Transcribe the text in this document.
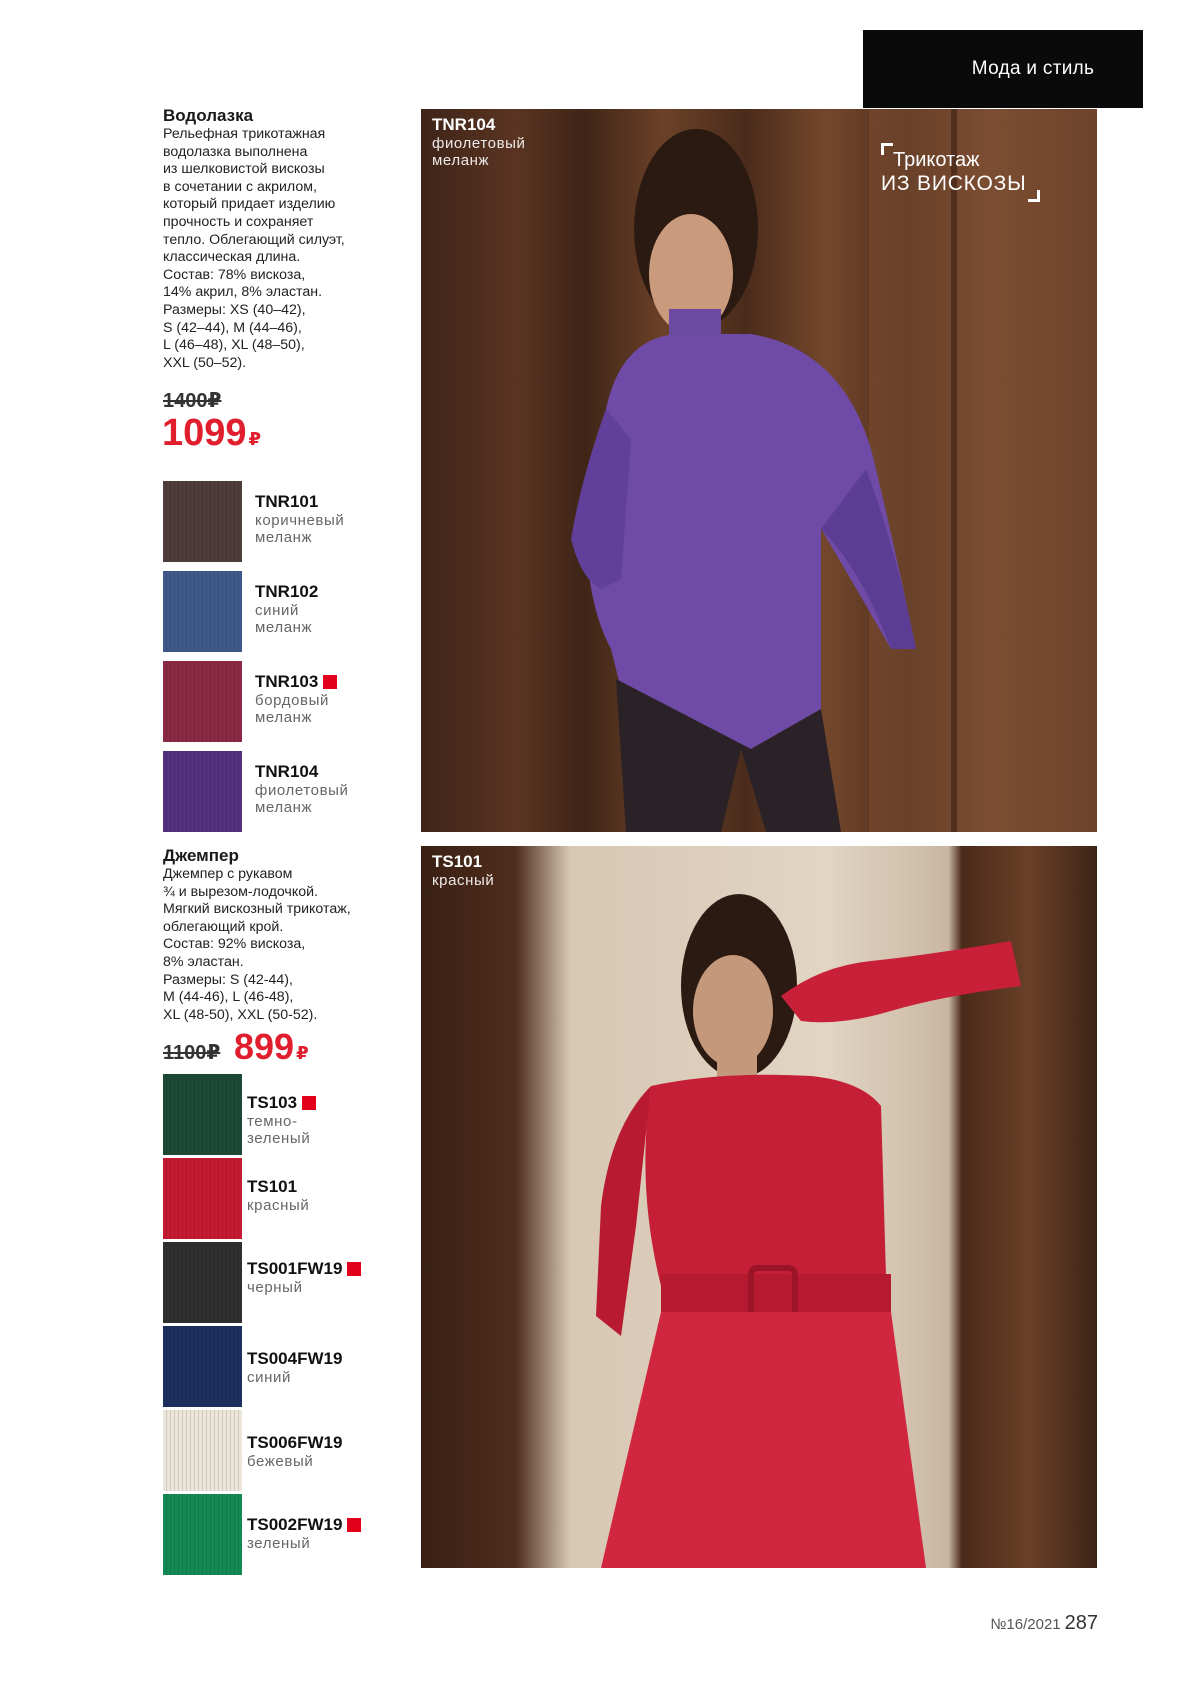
Мода и стиль
Водолазка
Рельефная трикотажная
водолазка выполнена
из шелковистой вискозы
в сочетании с акрилом,
который придает изделию
прочность и сохраняет
тепло. Облегающий силуэт,
классическая длина.
Состав: 78% вискоза,
14% акрил, 8% эластан.
Размеры: XS (40–42),
S (42–44), M (44–46),
L (46–48), XL (48–50),
XXL (50–52).
1400₽
1099 ₽
TNR101
коричневый
меланж
TNR102
синий
меланж
TNR103
бордовый
меланж
TNR104
фиолетовый
меланж
TNR104
фиолетовый
меланж	Трикотаж
ИЗ ВИСКОЗЫ
Джемпер
Джемпер с рукавом
¾ и вырезом-лодочкой.
Мягкий вискозный трикотаж,
облегающий крой.
Состав: 92% вискоза,
8% эластан.
Размеры: S (42-44),
M (44-46), L (46-48),
XL (48-50), XXL (50-52).
1100₽ 899 ₽
TS103
темно-
зеленый
TS101
красный
TS001FW19
черный
TS004FW19
синий
TS006FW19
бежевый
TS002FW19
зеленый
TS101
красный
№16/2021 287
